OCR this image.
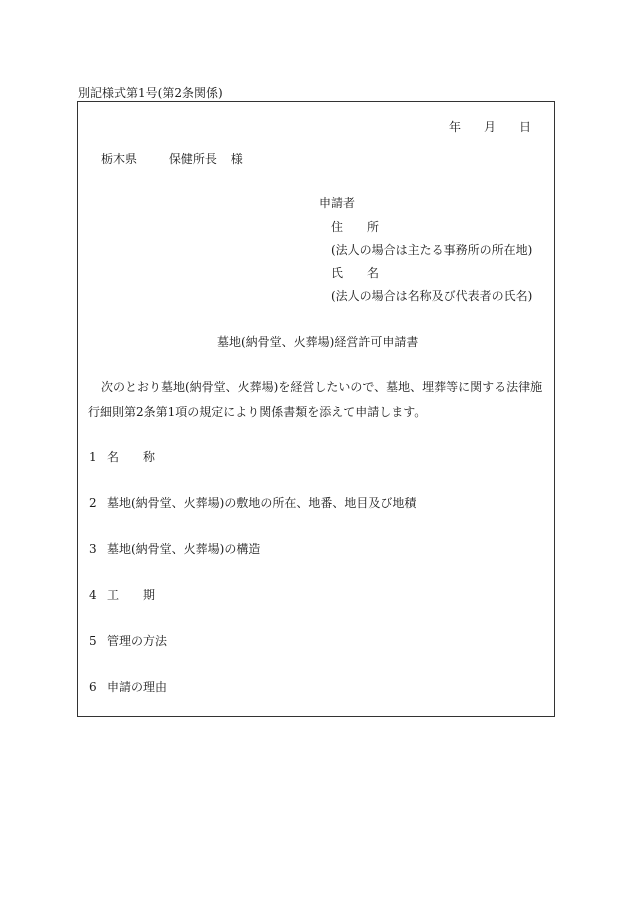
別記様式第1号(第2条関係)
年 月 日
栃木県	保健所長 様
申請者
住　　所
(法人の場合は主たる事務所の所在地)
氏　　名
(法人の場合は名称及び代表者の氏名)
墓地(納骨堂、火葬場)経営許可申請書
次のとおり墓地(納骨堂、火葬場)を経営したいので、墓地、埋葬等に関する法律施
行細則第2条第1項の規定により関係書類を添えて申請します。
1 名　　称
2 墓地(納骨堂、火葬場)の敷地の所在、地番、地目及び地積
3 墓地(納骨堂、火葬場)の構造
4 工　　期
5 管理の方法
6 申請の理由
